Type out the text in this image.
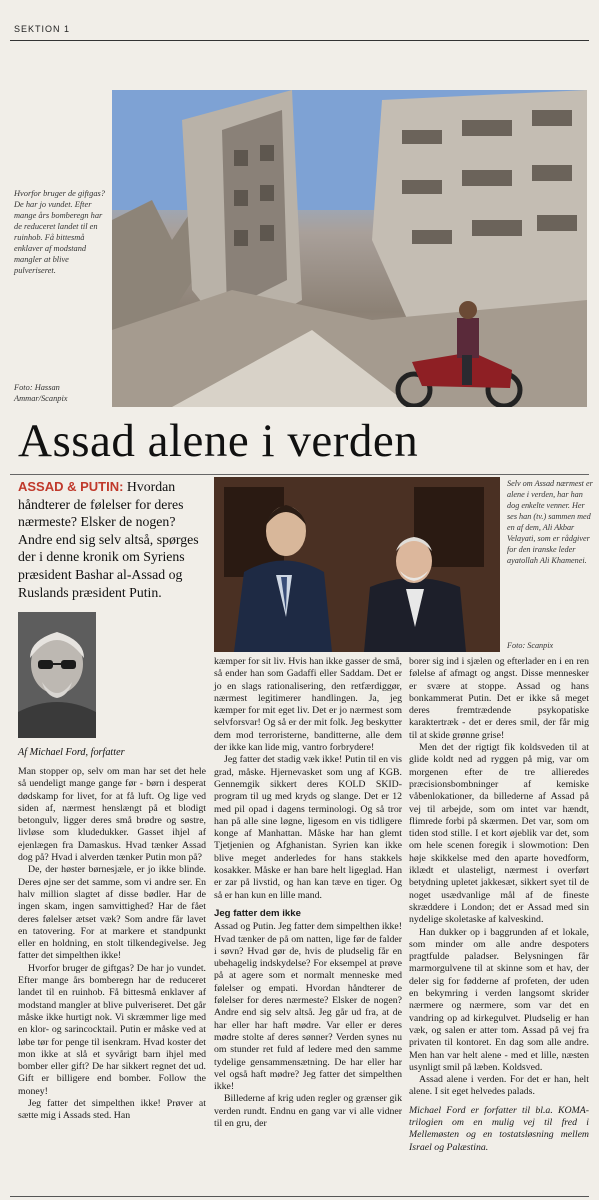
SEKTION 1
Hvorfor bruger de giftgas? De har jo vundet. Efter mange års bomberegn har de reduceret landet til en ruinhob. Få bittesmå enklaver af modstand mangler at blive pulveriseret.
Foto: Hassan Ammar/Scanpix
Assad alene i verden
ASSAD & PUTIN: Hvordan håndterer de følelser for deres nærmeste? Elsker de nogen? Andre end sig selv altså, spørges der i denne kronik om Syriens præsident Bashar al-Assad og Ruslands præsident Putin.
Af Michael Ford, forfatter
Selv om Assad nærmest er alene i verden, har han dog enkelte venner. Her ses han (tv.) sammen med en af dem, Ali Akbar Velayati, som er rådgiver for den iranske leder ayatollah Ali Khamenei.
Foto: Scanpix

Man stopper op, selv om man har set det hele så uendeligt mange gange før - børn i desperat dødskamp for livet, for at få luft. Og lige ved siden af, nærmest henslængt på et blodigt betongulv, ligger deres små brødre og søstre, livløse som kludedukker. Gasset ihjel af ejenlægen fra Damaskus. Hvad tænker Assad dog på? Hvad i alverden tænker Putin mon på?

De, der høster børnesjæle, er jo ikke blinde. Deres øjne ser det samme, som vi andre ser. En halv million slagtet af disse bødler. Har de ingen skam, ingen samvittighed? Har de fået deres følelser ætset væk? Som andre får lavet en tatovering. For at markere et standpunkt eller en holdning, en stolt tilkendegivelse. Jeg fatter det simpelthen ikke!

Hvorfor bruger de giftgas? De har jo vundet. Efter mange års bomberegn har de reduceret landet til en ruinhob. Få bittesmå enklaver af modstand mangler at blive pulveriseret. Det går måske ikke hurtigt nok. Vi skræmmer lige med en klor- og sarincocktail. Putin er måske ved at løbe tør for penge til isenkram. Hvad koster det mon ikke at slå et syvårigt barn ihjel med bomber eller gift? De har sikkert regnet det ud. Gift er billigere end bomber. Follow the money!

Jeg fatter det simpelthen ikke! Prøver at sætte mig i Assads sted. Han

kæmper for sit liv. Hvis han ikke gasser de små, så ender han som Gadaffi eller Saddam. Det er jo en slags rationalisering, den retfærdiggør, nærmest legitimerer handlingen. Ja, jeg kæmper for mit eget liv. Det er jo nærmest som selvforsvar! Og så er der mit folk. Jeg beskytter dem mod terroristerne, banditterne, alle dem der ikke kan lide mig, vantro forbrydere!

Jeg fatter det stadig væk ikke! Putin til en vis grad, måske. Hjernevasket som ung af KGB. Gennemgik sikkert deres KOLD SKID-program til ug med kryds og slange. Det er 12 med pil opad i dagens terminologi. Og så tror han på alle sine løgne, ligesom en vis tidligere konge af Manhattan. Måske har han glemt Tjetjenien og Afghanistan. Syrien kan ikke blive meget anderledes for hans stakkels kosakker. Måske er han bare helt ligeglad. Han er zar på livstid, og han kan tæve en tiger. Og så er han kun en lille mand.

Jeg fatter dem ikke

Assad og Putin. Jeg fatter dem simpelthen ikke! Hvad tænker de på om natten, lige før de falder i søvn? Hvad gør de, hvis de pludselig får en ubehagelig indskydelse? For eksempel at prøve på at agere som et normalt menneske med følelser og empati. Hvordan håndterer de følelser for deres nærmeste? Elsker de nogen? Andre end sig selv altså. Jeg går ud fra, at de har eller har haft mødre. Var eller er deres mødre stolte af deres sønner? Verden synes nu om stunder ret fuld af ledere med den samme tydelige gensammensætning. De har eller har vel også haft mødre? Jeg fatter det simpelthen ikke!

Billederne af krig uden regler og grænser gik verden rundt. Endnu en gang var vi alle vidner til en gru, der

borer sig ind i sjælen og efterlader en i en ren følelse af afmagt og angst. Disse mennesker er svære at stoppe. Assad og hans bonkammerat Putin. Det er ikke så meget deres fremtrædende psykopatiske karaktertræk - det er deres smil, der får mig til at skide grønne grise!

Men det der rigtigt fik koldsveden til at glide koldt ned ad ryggen på mig, var om morgenen efter de tre allieredes præcisionsbombninger af kemiske våbenlokationer, da billederne af Assad på vej til arbejde, som om intet var hændt, flimrede forbi på skærmen. Det var, som om tiden stod stille. I et kort øjeblik var det, som om hele scenen foregik i slowmotion: Den høje skikkelse med den aparte hovedform, iklædt et ulasteligt, nærmest i overført betydning upletet jakkesæt, sikkert syet til de noget usædvanlige mål af de fineste skræddere i London; det er Assad med sin nydelige skoletaske af kalveskind.

Han dukker op i baggrunden af et lokale, som minder om alle andre despoters pragtfulde paladser. Belysningen får marmorgulvene til at skinne som et hav, der deler sig for fødderne af profeten, der uden en bekymring i verden langsomt skrider nærmere og nærmere, som var det en vandring op ad kirkegulvet. Pludselig er han væk, og salen er atter tom. Assad på vej fra privaten til kontoret. En dag som alle andre. Men han var helt alene - med et lille, næsten usynligt smil på læben. Koldsved.

Assad alene i verden. For det er han, helt alene. I sit eget helvedes palads.

Michael Ford er forfatter til bl.a. KOMA-trilogien om en mulig vej til fred i Mellemøsten og en tostatsløsning mellem Israel og Palæstina.
